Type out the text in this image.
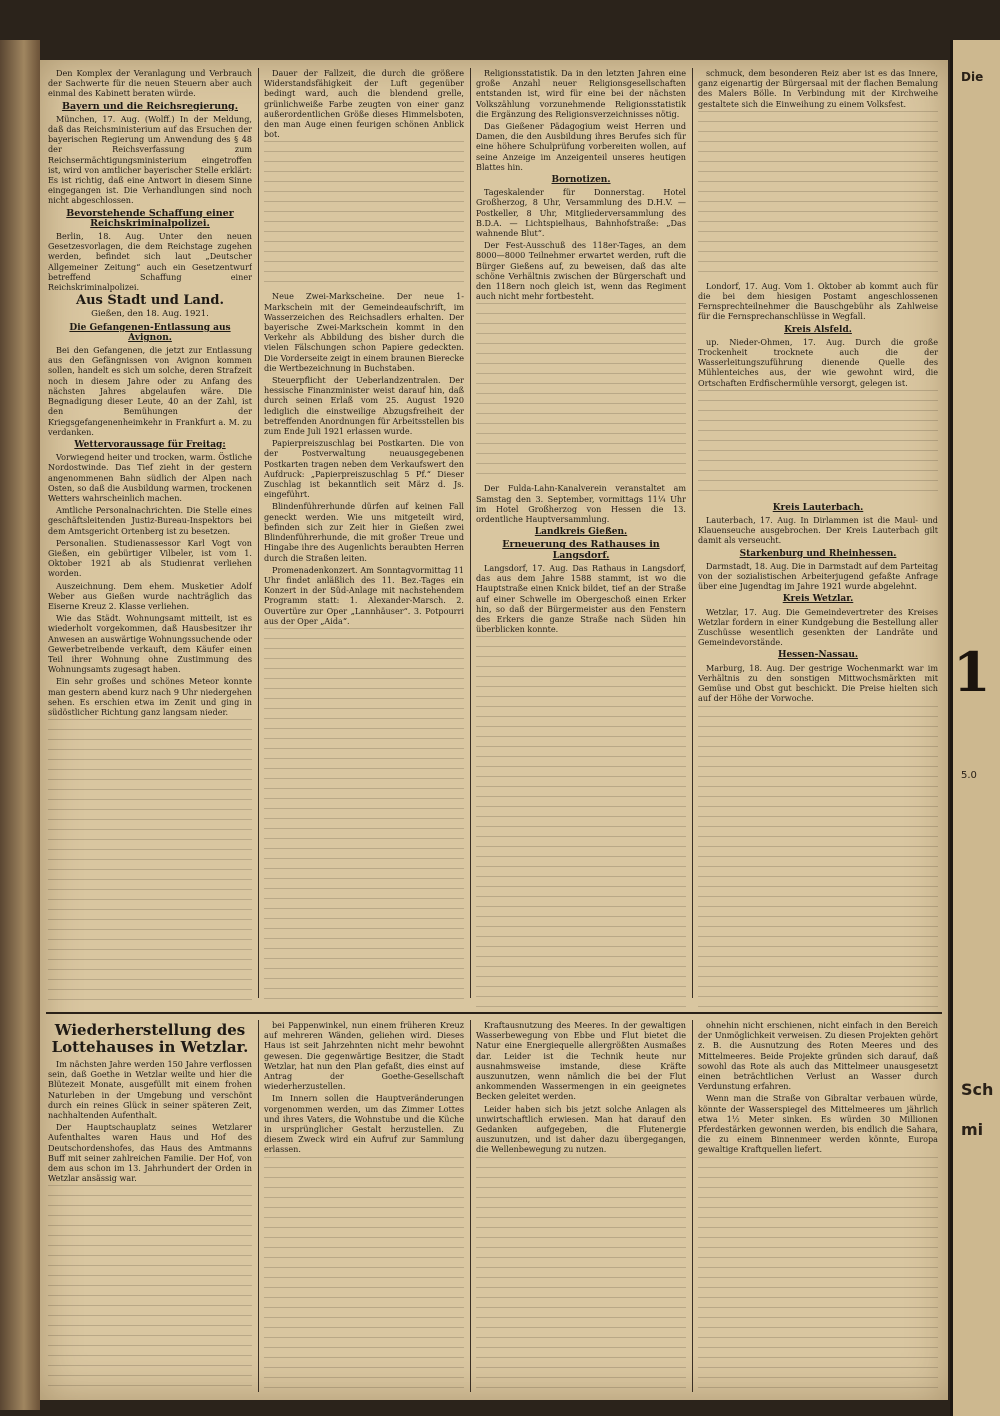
Die
1
5.0
Sch
mi

Den Komplex der Veranlagung und Verbrauch der Sachwerte für die neuen Steuern aber auch einmal des Kabinett beraten würde.

Bayern und die Reichsregierung.

München, 17. Aug. (Wolff.) In der Meldung, daß das Reichsministerium auf das Ersuchen der bayerischen Regierung um Anwendung des § 48 der Reichsverfassung zum Reichsermächtigungsministerium eingetroffen ist, wird von amtlicher bayerischer Stelle erklärt: Es ist richtig, daß eine Antwort in diesem Sinne eingegangen ist. Die Verhandlungen sind noch nicht abgeschlossen.

Bevorstehende Schaffung einer Reichskriminalpolizei.

Berlin, 18. Aug. Unter den neuen Gesetzesvorlagen, die dem Reichstage zugehen werden, befindet sich laut „Deutscher Allgemeiner Zeitung“ auch ein Gesetzentwurf betreffend Schaffung einer Reichskriminalpolizei.

Aus Stadt und Land.
Gießen, den 18. Aug. 1921.
Die Gefangenen-Entlassung aus Avignon.

Bei den Gefangenen, die jetzt zur Entlassung aus den Gefängnissen von Avignon kommen sollen, handelt es sich um solche, deren Strafzeit noch in diesem Jahre oder zu Anfang des nächsten Jahres abgelaufen wäre. Die Begnadigung dieser Leute, 40 an der Zahl, ist den Bemühungen der Kriegsgefangenenheimkehr in Frankfurt a. M. zu verdanken.

Wettervoraussage für Freitag:

Vorwiegend heiter und trocken, warm. Östliche Nordostwinde. Das Tief zieht in der gestern angenommenen Bahn südlich der Alpen nach Osten, so daß die Ausbildung warmen, trockenen Wetters wahrscheinlich machen.

Amtliche Personalnachrichten. Die Stelle eines geschäftsleitenden Justiz-Bureau-Inspektors bei dem Amtsgericht Ortenberg ist zu besetzen.

Personalien. Studienassessor Karl Vogt von Gießen, ein gebürtiger Vilbeler, ist vom 1. Oktober 1921 ab als Studienrat verliehen worden.

Auszeichnung. Dem ehem. Musketier Adolf Weber aus Gießen wurde nachträglich das Eiserne Kreuz 2. Klasse verliehen.

Wie das Städt. Wohnungsamt mitteilt, ist es wiederholt vorgekommen, daß Hausbesitzer ihr Anwesen an auswärtige Wohnungssuchende oder Gewerbetreibende verkauft, dem Käufer einen Teil ihrer Wohnung ohne Zustimmung des Wohnungsamts zugesagt haben.

Ein sehr großes und schönes Meteor konnte man gestern abend kurz nach 9 Uhr niedergehen sehen. Es erschien etwa im Zenit und ging in südöstlicher Richtung ganz langsam nieder.

Dauer der Fallzeit, die durch die größere Widerstandsfähigkeit der Luft gegenüber bedingt ward, auch die blendend grelle, grünlichweiße Farbe zeugten von einer ganz außerordentlichen Größe dieses Himmelsboten, den man Auge einen feurigen schönen Anblick bot.

Neue Zwei-Markscheine. Der neue 1-Markschein mit der Gemeindeaufschrift, im Wasserzeichen des Reichsadlers erhalten. Der bayerische Zwei-Markschein kommt in den Verkehr als Abbildung des bisher durch die vielen Fälschungen schon Papiere gedeckten. Die Vorderseite zeigt in einem braunen Bierecke die Wertbezeichnung in Buchstaben.

Steuerpflicht der Ueberlandzentralen. Der hessische Finanzminister weist darauf hin, daß durch seinen Erlaß vom 25. August 1920 lediglich die einstweilige Abzugsfreiheit der betreffenden Anordnungen für Arbeitsstellen bis zum Ende Juli 1921 erlassen wurde.

Papierpreiszuschlag bei Postkarten. Die von der Postverwaltung neuausgegebenen Postkarten tragen neben dem Verkaufswert den Aufdruck: „Papierpreiszuschlag 5 Pf.“ Dieser Zuschlag ist bekanntlich seit März d. Js. eingeführt.

Blindenführerhunde dürfen auf keinen Fall geneckt werden. Wie uns mitgeteilt wird, befinden sich zur Zeit hier in Gießen zwei Blindenführerhunde, die mit großer Treue und Hingabe ihre des Augenlichts beraubten Herren durch die Straßen leiten.

Promenadenkonzert. Am Sonntagvormittag 11 Uhr findet anläßlich des 11. Bez.-Tages ein Konzert in der Süd-Anlage mit nachstehendem Programm statt: 1. Alexander-Marsch. 2. Ouvertüre zur Oper „Lannhäuser“. 3. Potpourri aus der Oper „Aida“.

Religionsstatistik. Da in den letzten Jahren eine große Anzahl neuer Religionsgesellschaften entstanden ist, wird für eine bei der nächsten Volkszählung vorzunehmende Religionsstatistik die Ergänzung des Religionsverzeichnisses nötig.

Das Gießener Pädagogium weist Herren und Damen, die den Ausbildung ihres Berufes sich für eine höhere Schulprüfung vorbereiten wollen, auf seine Anzeige im Anzeigenteil unseres heutigen Blattes hin.

Bornotizen.

Tageskalender für Donnerstag. Hotel Großherzog, 8 Uhr, Versammlung des D.H.V. — Postkeller, 8 Uhr, Mitgliederversammlung des B.D.A. — Lichtspielhaus, Bahnhofstraße: „Das wahnende Blut“.

Der Fest-Ausschuß des 118er-Tages, an dem 8000—8000 Teilnehmer erwartet werden, ruft die Bürger Gießens auf, zu beweisen, daß das alte schöne Verhältnis zwischen der Bürgerschaft und den 118ern noch gleich ist, wenn das Regiment auch nicht mehr fortbesteht.

Der Fulda-Lahn-Kanalverein veranstaltet am Samstag den 3. September, vormittags 11¼ Uhr im Hotel Großherzog von Hessen die 13. ordentliche Hauptversammlung.

Landkreis Gießen.
Erneuerung des Rathauses in Langsdorf.

Langsdorf, 17. Aug. Das Rathaus in Langsdorf, das aus dem Jahre 1588 stammt, ist wo die Hauptstraße einen Knick bildet, tief an der Straße auf einer Schwelle im Obergeschoß einen Erker hin, so daß der Bürgermeister aus den Fenstern des Erkers die ganze Straße nach Süden hin überblicken konnte.

schmuck, dem besonderen Reiz aber ist es das Innere, ganz eigenartig der Bürgersaal mit der flachen Bemalung des Malers Bölle. In Verbindung mit der Kirchweihe gestaltete sich die Einweihung zu einem Volksfest.

Londorf, 17. Aug. Vom 1. Oktober ab kommt auch für die bei dem hiesigen Postamt angeschlossenen Fernsprechteilnehmer die Bauschgebühr als Zahlweise für die Fernsprechanschlüsse in Wegfall.

Kreis Alsfeld.

up. Nieder-Ohmen, 17. Aug. Durch die große Trockenheit trocknete auch die der Wasserleitungszuführung dienende Quelle des Mühlenteiches aus, der wie gewohnt wird, die Ortschaften Erdfischermühle versorgt, gelegen ist.

Kreis Lauterbach.

Lauterbach, 17. Aug. In Dirlammen ist die Maul- und Klauenseuche ausgebrochen. Der Kreis Lauterbach gilt damit als verseucht.

Starkenburg und Rheinhessen.

Darmstadt, 18. Aug. Die in Darmstadt auf dem Parteitag von der sozialistischen Arbeiterjugend gefaßte Anfrage über eine Jugendtag im Jahre 1921 wurde abgelehnt.

Kreis Wetzlar.

Wetzlar, 17. Aug. Die Gemeindevertreter des Kreises Wetzlar fordern in einer Kundgebung die Bestellung aller Zuschüsse wesentlich gesenkten der Landräte und Gemeindevorstände.

Hessen-Nassau.

Marburg, 18. Aug. Der gestrige Wochenmarkt war im Verhältnis zu den sonstigen Mittwochsmärkten mit Gemüse und Obst gut beschickt. Die Preise hielten sich auf der Höhe der Vorwoche.

Wiederherstellung des Lottehauses in Wetzlar.

Im nächsten Jahre werden 150 Jahre verflossen sein, daß Goethe in Wetzlar weilte und hier die Blütezeit Monate, ausgefüllt mit einem frohen Naturleben in der Umgebung und verschönt durch ein reines Glück in seiner späteren Zeit, nachhaltenden Aufenthalt.

Der Hauptschauplatz seines Wetzlarer Aufenthaltes waren Haus und Hof des Deutschordenshofes, das Haus des Amtmanns Buff mit seiner zahlreichen Familie. Der Hof, von dem aus schon im 13. Jahrhundert der Orden in Wetzlar ansässig war.

bei Pappenwinkel, nun einem früheren Kreuz auf mehreren Wänden, geliehen wird. Dieses Haus ist seit Jahrzehnten nicht mehr bewohnt gewesen. Die gegenwärtige Besitzer, die Stadt Wetzlar, hat nun den Plan gefaßt, dies einst auf Antrag der Goethe-Gesellschaft wiederherzustellen.

Im Innern sollen die Hauptveränderungen vorgenommen werden, um das Zimmer Lottes und ihres Vaters, die Wohnstube und die Küche in ursprünglicher Gestalt herzustellen. Zu diesem Zweck wird ein Aufruf zur Sammlung erlassen.

Kraftausnutzung des Meeres. In der gewaltigen Wasserbewegung von Ebbe und Flut bietet die Natur eine Energiequelle allergrößten Ausmaßes dar. Leider ist die Technik heute nur ausnahmsweise imstande, diese Kräfte auszunutzen, wenn nämlich die bei der Flut ankommenden Wassermengen in ein geeignetes Becken geleitet werden.

Leider haben sich bis jetzt solche Anlagen als unwirtschaftlich erwiesen. Man hat darauf den Gedanken aufgegeben, die Flutenergie auszunutzen, und ist daher dazu übergegangen, die Wellenbewegung zu nutzen.

ohnehin nicht erschienen, nicht einfach in den Bereich der Unmöglichkeit verweisen. Zu diesen Projekten gehört z. B. die Ausnutzung des Roten Meeres und des Mittelmeeres. Beide Projekte gründen sich darauf, daß sowohl das Rote als auch das Mittelmeer unausgesetzt einen beträchtlichen Verlust an Wasser durch Verdunstung erfahren.

Wenn man die Straße von Gibraltar verbauen würde, könnte der Wasserspiegel des Mittelmeeres um jährlich etwa 1½ Meter sinken. Es würden 30 Millionen Pferdestärken gewonnen werden, bis endlich die Sahara, die zu einem Binnenmeer werden könnte, Europa gewaltige Kraftquellen liefert.
